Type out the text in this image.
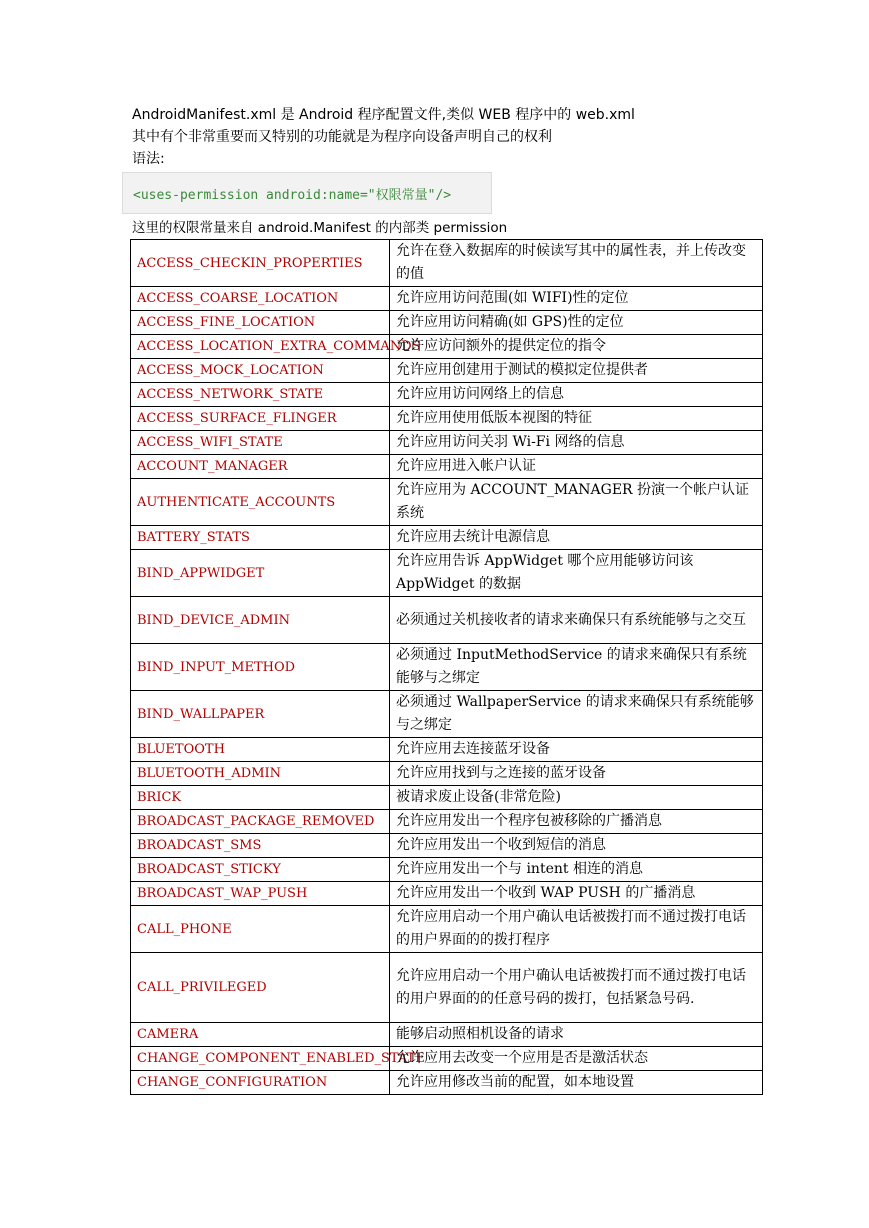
AndroidManifest.xml 是 Android 程序配置文件,类似 WEB 程序中的 web.xml
其中有个非常重要而又特别的功能就是为程序向设备声明自己的权利
语法:
<uses-permission android:name="权限常量"/>
这里的权限常量来自 android.Manifest 的内部类 permission
ACCESS_CHECKIN_PROPERTIES	允许在登入数据库的时候读写其中的属性表，并上传改变的值
ACCESS_COARSE_LOCATION	允许应用访问范围(如 WIFI)性的定位
ACCESS_FINE_LOCATION	允许应用访问精确(如 GPS)性的定位
ACCESS_LOCATION_EXTRA_COMMANDS	允许应访问额外的提供定位的指令
ACCESS_MOCK_LOCATION	允许应用创建用于测试的模拟定位提供者
ACCESS_NETWORK_STATE	允许应用访问网络上的信息
ACCESS_SURFACE_FLINGER	允许应用使用低版本视图的特征
ACCESS_WIFI_STATE	允许应用访问关羽 Wi-Fi 网络的信息
ACCOUNT_MANAGER	允许应用进入帐户认证
AUTHENTICATE_ACCOUNTS	允许应用为 ACCOUNT_MANAGER 扮演一个帐户认证系统
BATTERY_STATS	允许应用去统计电源信息
BIND_APPWIDGET	允许应用告诉 AppWidget 哪个应用能够访问该 AppWidget 的数据
BIND_DEVICE_ADMIN	必须通过关机接收者的请求来确保只有系统能够与之交互
BIND_INPUT_METHOD	必须通过 InputMethodService 的请求来确保只有系统能够与之绑定
BIND_WALLPAPER	必须通过 WallpaperService 的请求来确保只有系统能够与之绑定
BLUETOOTH	允许应用去连接蓝牙设备
BLUETOOTH_ADMIN	允许应用找到与之连接的蓝牙设备
BRICK	被请求废止设备(非常危险)
BROADCAST_PACKAGE_REMOVED	允许应用发出一个程序包被移除的广播消息
BROADCAST_SMS	允许应用发出一个收到短信的消息
BROADCAST_STICKY	允许应用发出一个与 intent 相连的消息
BROADCAST_WAP_PUSH	允许应用发出一个收到 WAP PUSH 的广播消息
CALL_PHONE	允许应用启动一个用户确认电话被拨打而不通过拨打电话的用户界面的的拨打程序
CALL_PRIVILEGED	允许应用启动一个用户确认电话被拨打而不通过拨打电话的用户界面的的任意号码的拨打，包括紧急号码.
CAMERA	能够启动照相机设备的请求
CHANGE_COMPONENT_ENABLED_STATE	允许应用去改变一个应用是否是激活状态
CHANGE_CONFIGURATION	允许应用修改当前的配置，如本地设置
